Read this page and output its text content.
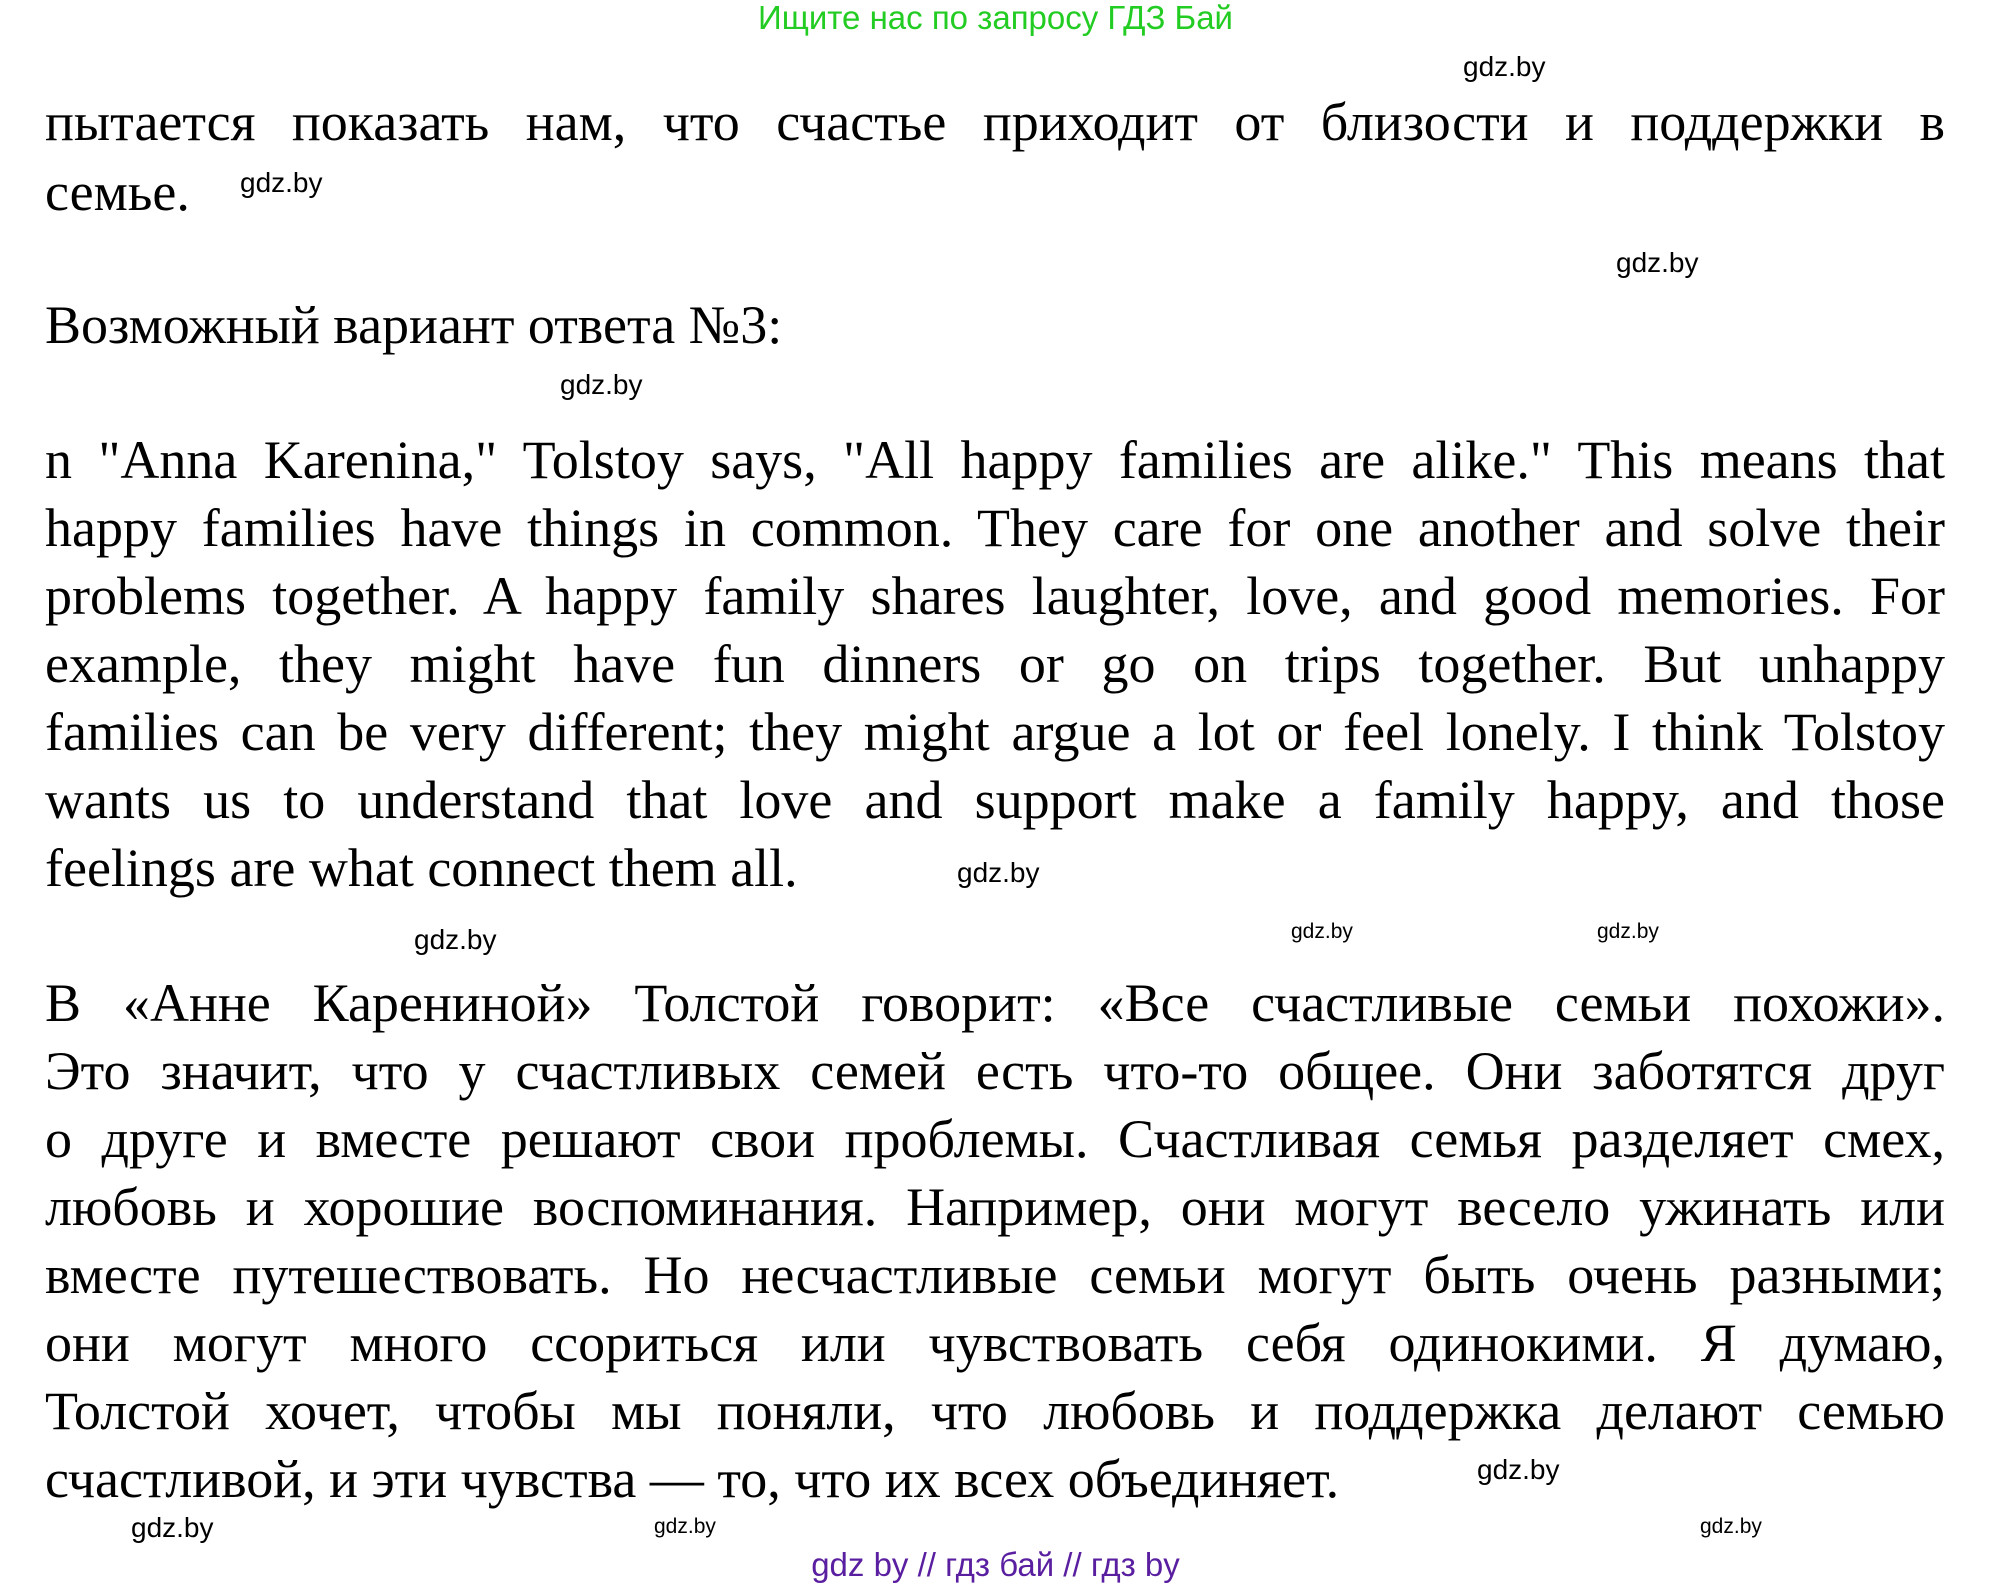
Ищите нас по запросу ГДЗ Бай
пытается показать нам, что счастье приходит от близости и поддержки в
семье.
Возможный вариант ответа №3:
n "Anna Karenina," Tolstoy says, "All happy families are alike." This means that
happy families have things in common. They care for one another and solve their
problems together. A happy family shares laughter, love, and good memories. For
example, they might have fun dinners or go on trips together. But unhappy
families can be very different; they might argue a lot or feel lonely. I think Tolstoy
wants us to understand that love and support make a family happy, and those
feelings are what connect them all.
В «Анне Карениной» Толстой говорит: «Все счастливые семьи похожи».
Это значит, что у счастливых семей есть что-то общее. Они заботятся друг
о друге и вместе решают свои проблемы. Счастливая семья разделяет смех,
любовь и хорошие воспоминания. Например, они могут весело ужинать или
вместе путешествовать. Но несчастливые семьи могут быть очень разными;
они могут много ссориться или чувствовать себя одинокими. Я думаю,
Толстой хочет, чтобы мы поняли, что любовь и поддержка делают семью
счастливой, и эти чувства — то, что их всех объединяет.
gdz.by
gdz.by
gdz.by
gdz.by
gdz.by	gdz.by
gdz.by
gdz.by
gdz.by
gdz.by
gdz.by
gdz.by
gdz by // гдз бай // гдз by
